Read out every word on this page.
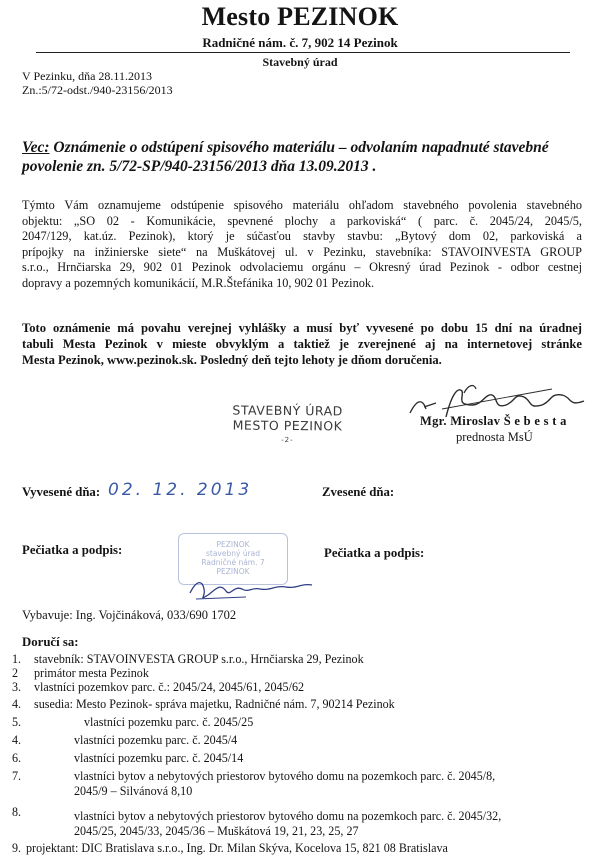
Mesto PEZINOK
Radničné nám. č. 7, 902 14 Pezinok
Stavebný úrad
V Pezinku, dňa 28.11.2013
Zn.:5/72-odst./940-23156/2013
Vec: Oznámenie o odstúpení spisového materiálu – odvolaním napadnuté stavebné
povolenie zn. 5/72-SP/940-23156/2013 dňa 13.09.2013 .
Týmto Vám oznamujeme odstúpenie spisového materiálu ohľadom stavebného povolenia stavebného
objektu: „SO 02 - Komunikácie, spevnené plochy a parkoviská“ ( parc. č. 2045/24, 2045/5,
2047/129, kat.úz. Pezinok), ktorý je súčasťou stavby stavbu: „Bytový dom 02, parkoviská a
prípojky na inžinierske siete“ na Muškátovej ul. v Pezinku, stavebníka: STAVOINVESTA GROUP
s.r.o., Hrnčiarska 29, 902 01 Pezinok odvolaciemu orgánu – Okresný úrad Pezinok - odbor cestnej
dopravy a pozemných komunikácií, M.R.Štefánika 10, 902 01 Pezinok.
Toto oznámenie má povahu verejnej vyhlášky a musí byť vyvesené po dobu 15 dní na úradnej
tabuli Mesta Pezinok v mieste obvyklým a taktiež je zverejnené aj na internetovej stránke
Mesta Pezinok, www.pezinok.sk. Posledný deň tejto lehoty je dňom doručenia.
STAVEBNÝ ÚRAD
MESTO PEZINOK
-2-
Mgr. Miroslav Š e b e s t a
prednosta MsÚ
Vyvesené dňa: 02. 12. 2013	Zvesené dňa:
Pečiatka a podpis:	Pečiatka a podpis:
PEZINOK
stavebný úrad
Radničné nám. 7
PEZINOK
Vybavuje: Ing. Vojčináková, 033/690 1702
Doručí sa:
1.	stavebník: STAVOINVESTA GROUP s.r.o., Hrnčiarska 29, Pezinok
2	primátor mesta Pezinok
3.	vlastníci pozemkov parc. č.: 2045/24, 2045/61, 2045/62
4.	susedia: Mesto Pezinok- správa majetku, Radničné nám. 7, 90214 Pezinok
5.	vlastníci pozemku parc. č. 2045/25
4.	vlastníci pozemku parc. č. 2045/4
6.	vlastníci pozemku parc. č. 2045/14
7.	vlastníci bytov a nebytových priestorov bytového domu na pozemkoch parc. č. 2045/8,
2045/9 – Silvánová 8,10
8.	vlastníci bytov a nebytových priestorov bytového domu na pozemkoch parc. č. 2045/32,
2045/25, 2045/33, 2045/36 – Muškátová 19, 21, 23, 25, 27
9. projektant: DIC Bratislava s.r.o., Ing. Dr. Milan Skýva, Kocelova 15, 821 08 Bratislava
